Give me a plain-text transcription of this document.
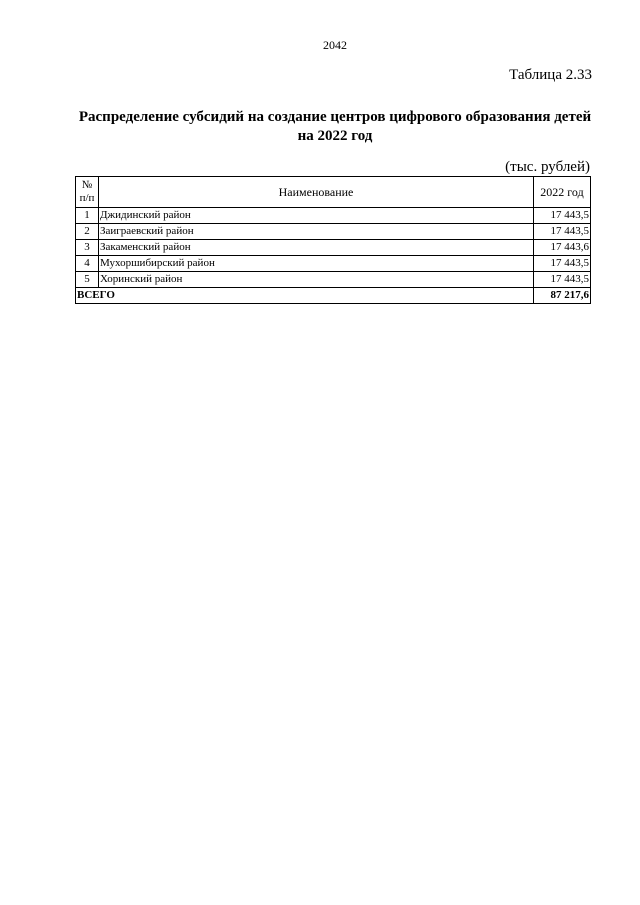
2042
Таблица 2.33
Распределение субсидий на создание центров цифрового образования детей на 2022 год
(тыс. рублей)
№ п/п	Наименование	2022 год
1	Джидинский район	17 443,5
2	Заиграевский район	17 443,5
3	Закаменский район	17 443,6
4	Мухоршибирский район	17 443,5
5	Хоринский район	17 443,5
ВСЕГО		87 217,6
